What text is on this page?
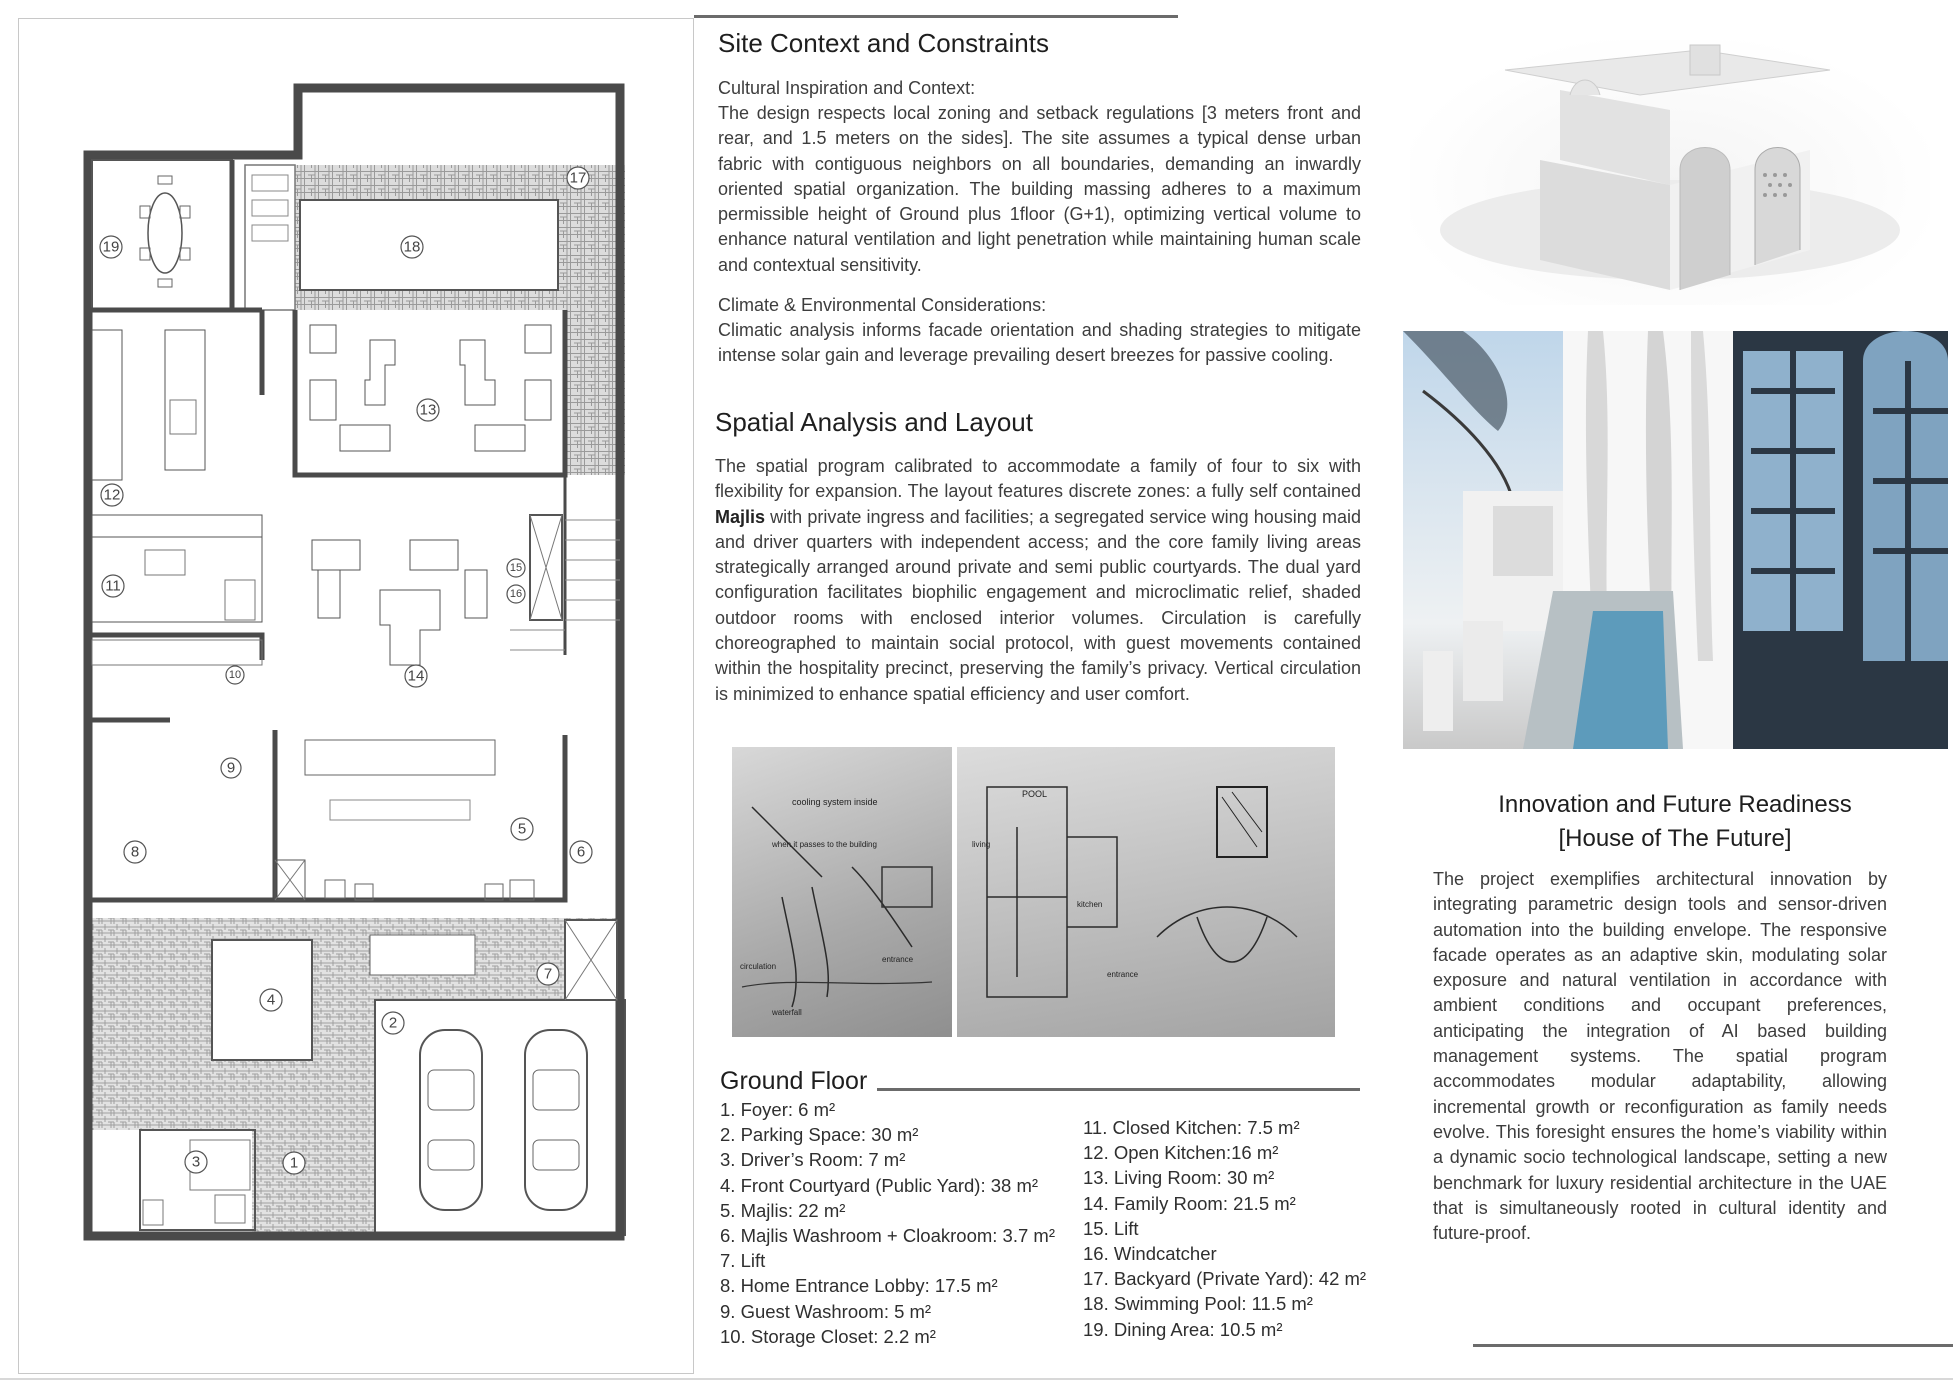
1
2
3
4
5
6
7
8
9
10
11
12
13
14
15
16
17
18
19
Site Context and Constraints
Cultural Inspiration and Context:
The design respects local zoning and setback regulations [3 meters front and rear, and 1.5 meters on the sides]. The site assumes a typical dense urban fabric with contiguous neighbors on all boundaries, demanding an inwardly oriented spatial organization. The building massing adheres to a maximum permissible height of Ground plus 1floor (G+1), optimizing vertical volume to enhance natural ventilation and light penetration while maintaining human scale and contextual sensitivity.
Climate & Environmental Considerations:
Climatic analysis informs facade orientation and shading strategies to mitigate intense solar gain and leverage prevailing desert breezes for passive cooling.
Spatial Analysis and Layout
The spatial program calibrated to accommodate a family of four to six with flexibility for expansion. The layout features discrete zones: a fully self contained Majlis with private ingress and facilities; a segregated service wing housing maid and driver quarters with independent access; and the core family living areas strategically arranged around private and semi public courtyards. The dual yard configuration facilitates biophilic engagement and microclimatic relief, shaded outdoor rooms with enclosed interior volumes. Circulation is carefully choreographed to maintain social protocol, with guest movements contained within the hospitality precinct, preserving the family’s privacy. Vertical circulation is minimized to enhance spatial efficiency and user comfort.
cooling system inside
when it passes to the building
waterfall
circulation
entrance
POOL
living
kitchen
entrance
Ground Floor
1. Foyer: 6 m²
2. Parking Space: 30 m²
3. Driver’s Room: 7 m²
4. Front Courtyard (Public Yard): 38 m²
5. Majlis: 22 m²
6. Majlis Washroom + Cloakroom: 3.7 m²
7. Lift
8. Home Entrance Lobby: 17.5 m²
9. Guest Washroom: 5 m²
10. Storage Closet: 2.2 m²
11. Closed Kitchen: 7.5 m²
12. Open Kitchen:16 m²
13. Living Room: 30 m²
14. Family Room: 21.5 m²
15. Lift
16. Windcatcher
17. Backyard (Private Yard): 42 m²
18. Swimming Pool: 11.5 m²
19. Dining Area: 10.5 m²
Innovation and Future Readiness
[House of The Future]
The project exemplifies architectural innovation by integrating parametric design tools and sensor-driven automation into the building envelope. The responsive facade operates as an adaptive skin, modulating solar exposure and natural ventilation in accordance with ambient conditions and occupant preferences, anticipating the integration of AI based building management systems. The spatial program accommodates modular adaptability, allowing incremental growth or reconfiguration as family needs evolve. This foresight ensures the home’s viability within a dynamic socio technological landscape, setting a new benchmark for luxury residential architecture in the UAE that is simultaneously rooted in cultural identity and future-proof.
